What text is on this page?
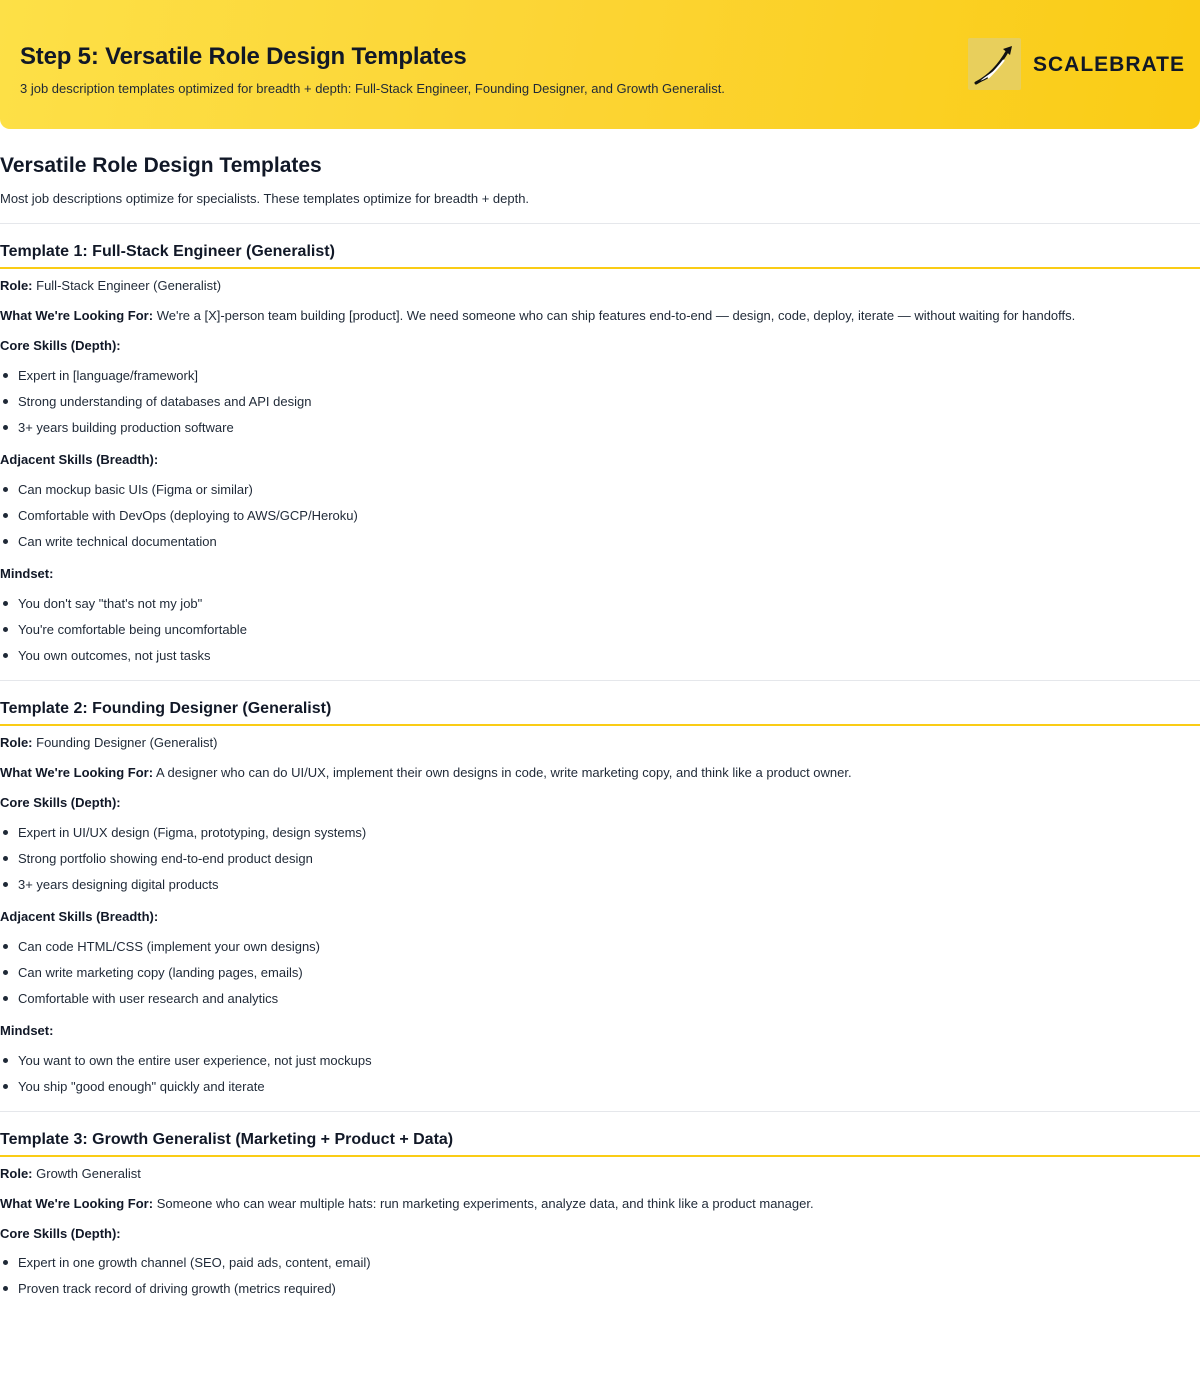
Step 5: Versatile Role Design Templates
3 job description templates optimized for breadth + depth: Full-Stack Engineer, Founding Designer, and Growth Generalist.
SCALEBRATE
Versatile Role Design Templates
Most job descriptions optimize for specialists. These templates optimize for breadth + depth.
Template 1: Full-Stack Engineer (Generalist)
Role: Full-Stack Engineer (Generalist)
What We're Looking For: We're a [X]-person team building [product]. We need someone who can ship features end-to-end — design, code, deploy, iterate — without waiting for handoffs.
Core Skills (Depth):
Expert in [language/framework]
Strong understanding of databases and API design
3+ years building production software
Adjacent Skills (Breadth):
Can mockup basic UIs (Figma or similar)
Comfortable with DevOps (deploying to AWS/GCP/Heroku)
Can write technical documentation
Mindset:
You don't say "that's not my job"
You're comfortable being uncomfortable
You own outcomes, not just tasks
Template 2: Founding Designer (Generalist)
Role: Founding Designer (Generalist)
What We're Looking For: A designer who can do UI/UX, implement their own designs in code, write marketing copy, and think like a product owner.
Core Skills (Depth):
Expert in UI/UX design (Figma, prototyping, design systems)
Strong portfolio showing end-to-end product design
3+ years designing digital products
Adjacent Skills (Breadth):
Can code HTML/CSS (implement your own designs)
Can write marketing copy (landing pages, emails)
Comfortable with user research and analytics
Mindset:
You want to own the entire user experience, not just mockups
You ship "good enough" quickly and iterate
Template 3: Growth Generalist (Marketing + Product + Data)
Role: Growth Generalist
What We're Looking For: Someone who can wear multiple hats: run marketing experiments, analyze data, and think like a product manager.
Core Skills (Depth):
Expert in one growth channel (SEO, paid ads, content, email)
Proven track record of driving growth (metrics required)
